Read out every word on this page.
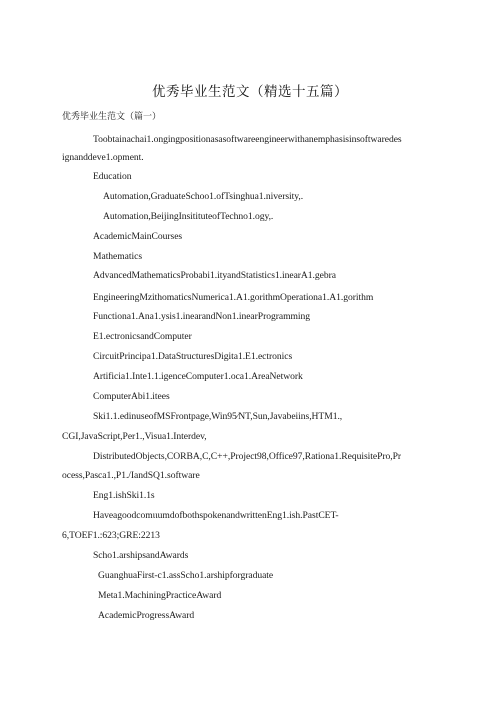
优秀毕业生范文（精选十五篇）
优秀毕业生范文（篇一）
Toobtainachai1.ongingpositionasasoftwareengineerwithanemphasisinsoftwaredes
ignanddeve1.opment.
Education
Automation,GraduateSchoo1.ofTsinghua1.niversity,.
Automation,BeijingInsitituteofTechno1.ogy,.
AcademicMainCourses
Mathematics
AdvancedMathematicsProbabi1.ityandStatistics1.inearA1.gebra
EngineeringMzithomaticsNumerica1.A1.gorithmOperationa1.A1.gorithm
Functiona1.Ana1.ysis1.inearandNon1.inearProgramming
E1.ectronicsandComputer
CircuitPrincipa1.DataStructuresDigita1.E1.ectronics
Artificia1.Inte1.1.igenceComputer1.oca1.AreaNetwork
ComputerAbi1.itees
Ski1.1.edinuseofMSFrontpage,Win95∕NT,Sun,Javabeiins,HTM1.,
CGI,JavaScript,Per1.,Visua1.Interdev,
DistributedObjects,CORBA,C,C++,Project98,Office97,Rationa1.RequisitePro,Pr
ocess,Pasca1.,P1./IandSQ1.software
Eng1.ishSki1.1s
HaveagoodcomιιumdofbothspokenandwrittenEng1.ish.PastCET-
6,TOEF1.:623;GRE:2213
Scho1.arshipsandAwards
GuanghuaFirst-c1.assScho1.arshipforgraduate
Meta1.MachiningPracticeAward
AcademicProgressAward
